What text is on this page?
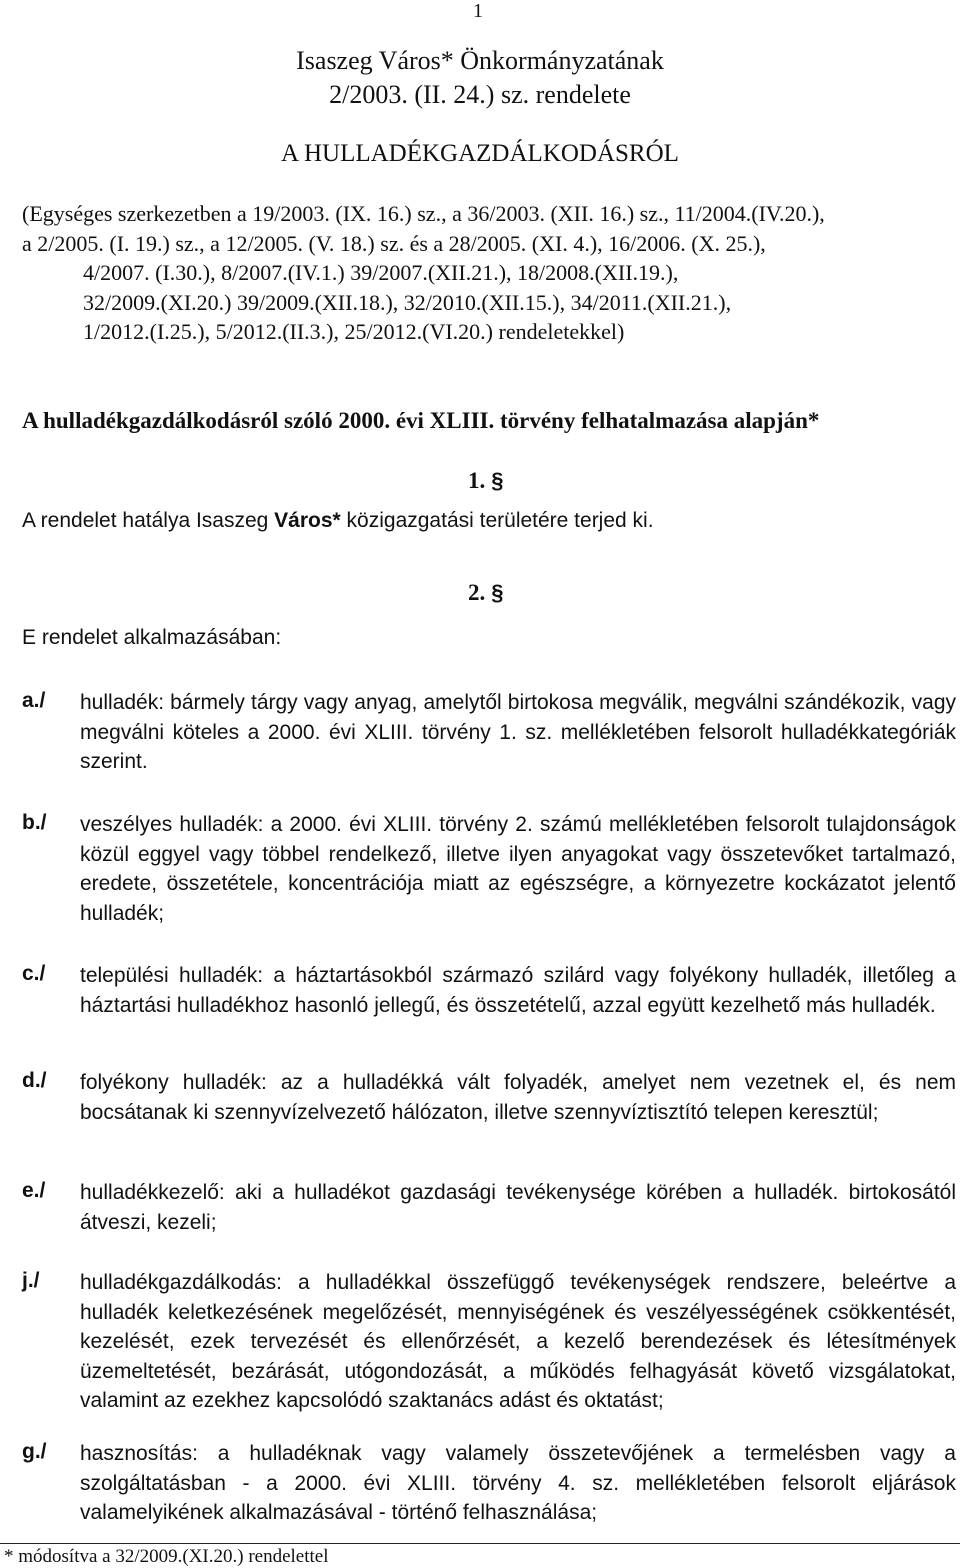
1
Isaszeg Város* Önkormányzatának
2/2003. (II. 24.) sz. rendelete
A HULLADÉKGAZDÁLKODÁSRÓL
(Egységes szerkezetben a 19/2003. (IX. 16.) sz., a 36/2003. (XII. 16.) sz., 11/2004.(IV.20.),
a 2/2005. (I. 19.) sz., a 12/2005. (V. 18.) sz. és a 28/2005. (XI. 4.), 16/2006. (X. 25.),
4/2007. (I.30.), 8/2007.(IV.1.) 39/2007.(XII.21.), 18/2008.(XII.19.),
32/2009.(XI.20.) 39/2009.(XII.18.), 32/2010.(XII.15.), 34/2011.(XII.21.),
1/2012.(I.25.), 5/2012.(II.3.), 25/2012.(VI.20.) rendeletekkel)
A hulladékgazdálkodásról szóló 2000. évi XLIII. törvény felhatalmazása alapján*
1. §
A rendelet hatálya Isaszeg Város* közigazgatási területére terjed ki.
2. §
E rendelet alkalmazásában:
a./ hulladék: bármely tárgy vagy anyag, amelytől birtokosa megválik, megválni szándékozik, vagy megválni köteles a 2000. évi XLIII. törvény 1. sz. mellékletében felsorolt hulladékkategóriák szerint.
b./ veszélyes hulladék: a 2000. évi XLIII. törvény 2. számú mellékletében felsorolt tulajdonságok közül eggyel vagy többel rendelkező, illetve ilyen anyagokat vagy összetevőket tartalmazó, eredete, összetétele, koncentrációja miatt az egészségre, a környezetre kockázatot jelentő hulladék;
c./ települési hulladék: a háztartásokból származó szilárd vagy folyékony hulladék, illetőleg a háztartási hulladékhoz hasonló jellegű, és összetételű, azzal együtt kezelhető más hulladék.
d./ folyékony hulladék: az a hulladékká vált folyadék, amelyet nem vezetnek el, és nem bocsátanak ki szennyvízelvezető hálózaton, illetve szennyvíztisztító telepen keresztül;
e./ hulladékkezelő: aki a hulladékot gazdasági tevékenysége körében a hulladék. birtokosától átveszi, kezeli;
j./ hulladékgazdálkodás: a hulladékkal összefüggő tevékenységek rendszere, beleértve a hulladék keletkezésének megelőzését, mennyiségének és veszélyességének csökkentését, kezelését, ezek tervezését és ellenőrzését, a kezelő berendezések és létesítmények üzemeltetését, bezárását, utógondozását, a működés felhagyását követő vizsgálatokat, valamint az ezekhez kapcsolódó szaktanács adást és oktatást;
g./ hasznosítás: a hulladéknak vagy valamely összetevőjének a termelésben vagy a szolgáltatásban - a 2000. évi XLIII. törvény 4. sz. mellékletében felsorolt eljárások valamelyikének alkalmazásával - történő felhasználása;
* módosítva a 32/2009.(XI.20.) rendelettel
